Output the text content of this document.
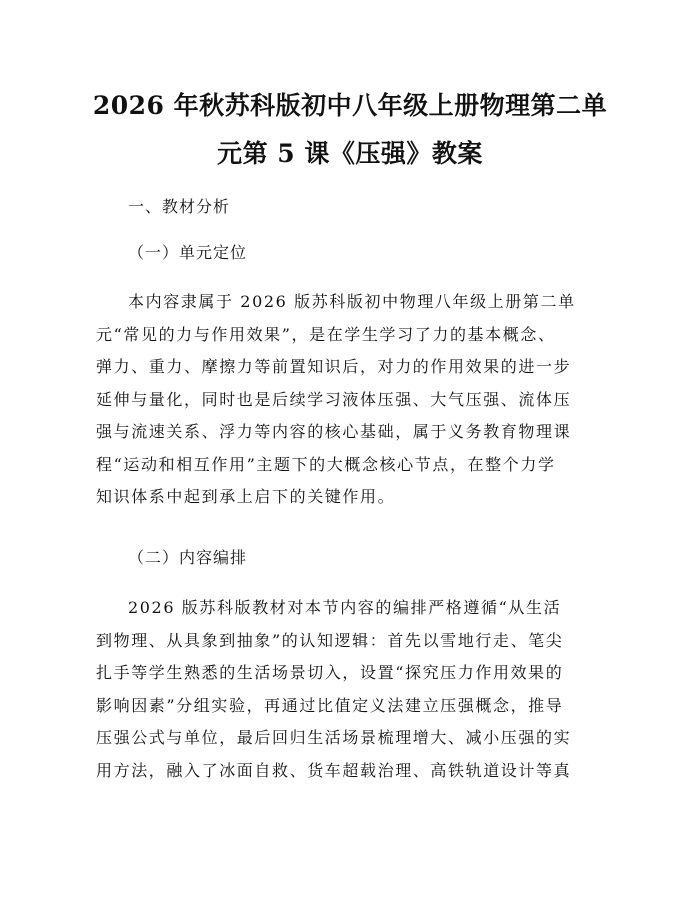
2026 年秋苏科版初中八年级上册物理第二单
元第 5 课《压强》教案
一、教材分析
（一）单元定位
本内容隶属于 2026 版苏科版初中物理八年级上册第二单
元“常见的力与作用效果”，是在学生学习了力的基本概念、
弹力、重力、摩擦力等前置知识后，对力的作用效果的进一步
延伸与量化，同时也是后续学习液体压强、大气压强、流体压
强与流速关系、浮力等内容的核心基础，属于义务教育物理课
程“运动和相互作用”主题下的大概念核心节点，在整个力学
知识体系中起到承上启下的关键作用。
（二）内容编排
2026 版苏科版教材对本节内容的编排严格遵循“从生活
到物理、从具象到抽象”的认知逻辑：首先以雪地行走、笔尖
扎手等学生熟悉的生活场景切入，设置“探究压力作用效果的
影响因素”分组实验，再通过比值定义法建立压强概念，推导
压强公式与单位，最后回归生活场景梳理增大、减小压强的实
用方法，融入了冰面自救、货车超载治理、高铁轨道设计等真
